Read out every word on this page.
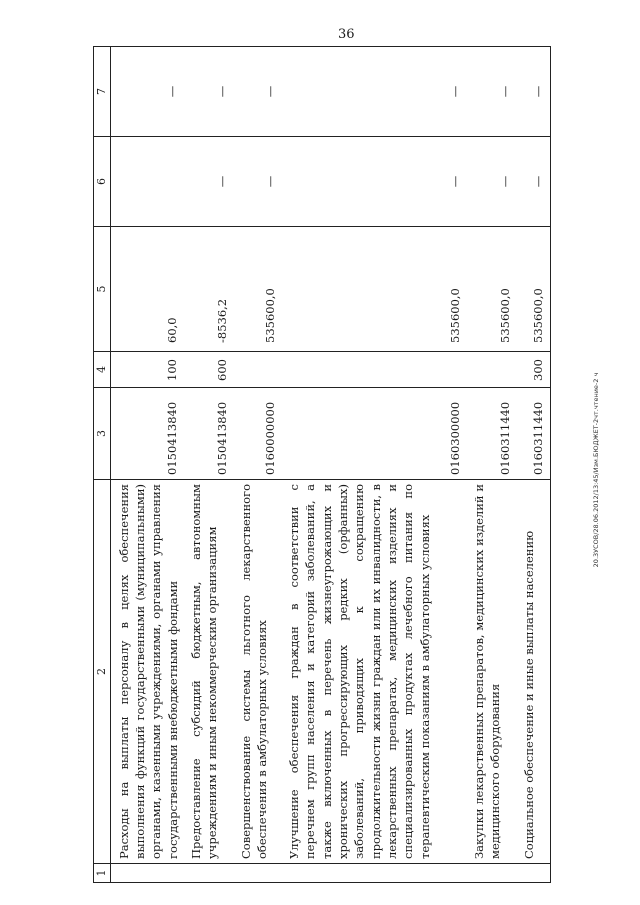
36
20.3УСОВ/28.06.2012/13:45/Изм.БЮДЖЕТ-2чт.чтение-2 ч
1	2	3	4	5	6	7
	Расходы на выплаты персоналу в целях обеспечения выполнения функций государственными (муниципальными) органами, казенными учреждениями, органами управления государственными внебюджетными фондами	0150413840	100	60,0		—
	Предоставление субсидий бюджетным, автономным учреждениям и иным некоммерческим организациям	0150413840	600	-8536,2	—	—
	Совершенствование системы льготного лекарственного обеспечения в амбулаторных условиях	0160000000		535600,0	—	—
	Улучшение обеспечения граждан в соответствии с перечнем групп населения и категорий заболеваний, а также включенных в перечень жизнеугрожающих и хронических прогрессирующих редких (орфанных) заболеваний, приводящих к сокращению продолжительности жизни граждан или их инвалидности, в лекарственных препаратах, медицинских изделиях и специализированных продуктах лечебного питания по терапевтическим показаниям в амбулаторных условиях	0160300000		535600,0	—	—
	Закупки лекарственных препаратов, медицинских изделий и медицинского оборудования	0160311440		535600,0	—	—
	Социальное обеспечение и иные выплаты населению	0160311440	300	535600,0	—	—
